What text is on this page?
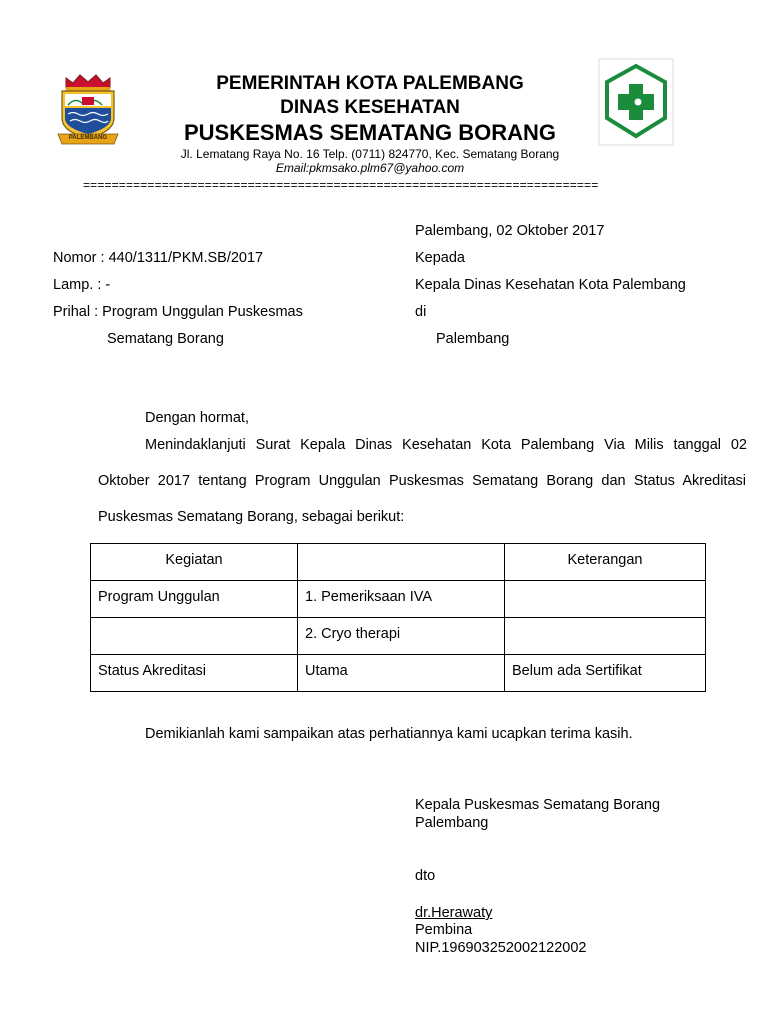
PALEMBANG
PEMERINTAH KOTA PALEMBANG
DINAS KESEHATAN
PUSKESMAS SEMATANG BORANG
Jl. Lematang Raya No. 16 Telp. (0711) 824770, Kec. Sematang Borang
Email:pkmsako.plm67@yahoo.com
========================================================================
Palembang, 02 Oktober 2017
Nomor : 440/1311/PKM.SB/2017	Kepada
Lamp. : -	Kepala Dinas Kesehatan Kota Palembang
Prihal : Program Unggulan Puskesmas	di
Sematang Borang	Palembang
Dengan hormat,
Menindaklanjuti Surat Kepala Dinas Kesehatan Kota Palembang Via Milis tanggal 02
Oktober 2017 tentang Program Unggulan Puskesmas Sematang Borang dan Status Akreditasi
Puskesmas Sematang Borang, sebagai berikut:
Kegiatan		Keterangan
Program Unggulan	1. Pemeriksaan IVA	
	2. Cryo therapi	
Status Akreditasi	Utama	Belum ada Sertifikat
Demikianlah kami sampaikan atas perhatiannya kami ucapkan terima kasih.
Kepala Puskesmas Sematang Borang
Palembang
dto
dr.Herawaty
Pembina
NIP.196903252002122002
